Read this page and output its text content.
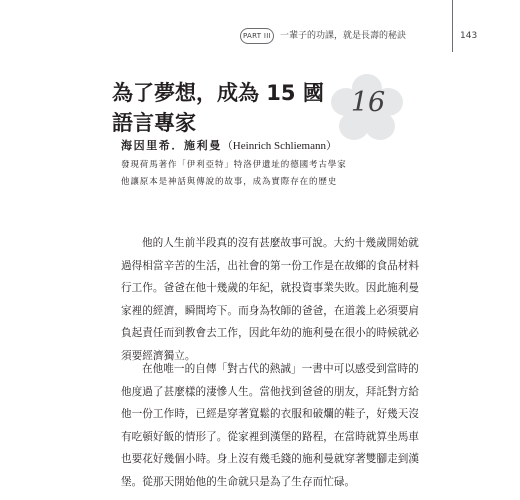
PART III	一輩子的功課，就是長壽的秘訣	143
為了夢想，成為 15 國
語言專家
16
海因里希．施利曼（Heinrich Schliemann）
發現荷馬著作「伊利亞特」特洛伊遺址的德國考古學家
他讓原本是神話與傳說的故事，成為實際存在的歷史
他的人生前半段真的沒有甚麼故事可說。大約十幾歲開始就
過得相當辛苦的生活，出社會的第一份工作是在故鄉的食品材料
行工作。爸爸在他十幾歲的年紀，就投資事業失敗。因此施利曼
家裡的經濟，瞬間垮下。而身為牧師的爸爸，在道義上必須要肩
負起責任而到教會去工作，因此年幼的施利曼在很小的時候就必
須要經濟獨立。
在他唯一的自傳「對古代的熱誠」一書中可以感受到當時的
他度過了甚麼樣的淒慘人生。當他找到爸爸的朋友，拜託對方給
他一份工作時，已經是穿著寬鬆的衣服和破爛的鞋子，好幾天沒
有吃頓好飯的情形了。從家裡到漢堡的路程，在當時就算坐馬車
也要花好幾個小時。身上沒有幾毛錢的施利曼就穿著雙腳走到漢
堡。從那天開始他的生命就只是為了生存而忙碌。
